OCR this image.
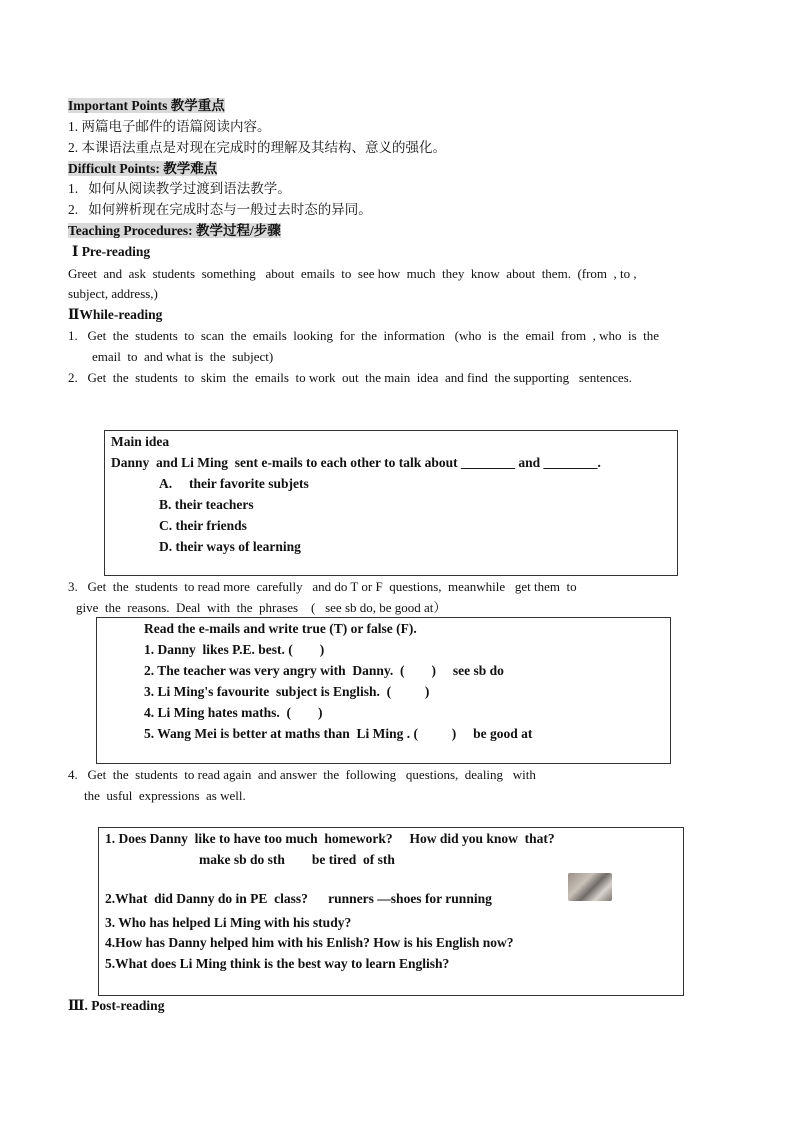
Important Points 教学重点
1. 两篇电子邮件的语篇阅读内容。
2. 本课语法重点是对现在完成时的理解及其结构、意义的强化。
Difficult Points: 教学难点
1.   如何从阅读教学过渡到语法教学。
2.   如何辨析现在完成时态与一般过去时态的异同。
Teaching Procedures: 教学过程/步骤
Ⅰ Pre-reading
Greet  and  ask  students  something   about  emails  to  see how  much  they  know  about  them.  (from  , to ,
subject, address,)
ⅡWhile-reading
1.   Get  the  students  to  scan  the  emails  looking  for  the  information   (who  is  the  email  from  , who  is  the
email  to  and what is  the  subject)
2.   Get  the  students  to  skim  the  emails  to work  out  the main  idea  and find  the supporting   sentences.
Main idea
Danny  and Li Ming  sent e-mails to each other to talk about ________ and ________.
A.     their favorite subjets
B. their teachers
C. their friends
D. their ways of learning
3.   Get  the  students  to read more  carefully   and do T or F  questions,  meanwhile   get them  to
give  the  reasons.  Deal  with  the  phrases    (   see sb do, be good at）
Read the e-mails and write true (T) or false (F).
1. Danny  likes P.E. best. (        )
2. The teacher was very angry with  Danny.  (        )     see sb do
3. Li Ming's favourite  subject is English.  (          )
4. Li Ming hates maths.  (        )
5. Wang Mei is better at maths than  Li Ming . (          )     be good at
4.   Get  the  students  to read again  and answer  the  following   questions,  dealing   with
the  usful  expressions  as well.
1. Does Danny  like to have too much  homework?     How did you know  that?
make sb do sth        be tired  of sth
2.What  did Danny do in PE  class?      runners —shoes for running
3. Who has helped Li Ming with his study?
4.How has Danny helped him with his Enlish? How is his English now?
5.What does Li Ming think is the best way to learn English?
Ⅲ. Post-reading
